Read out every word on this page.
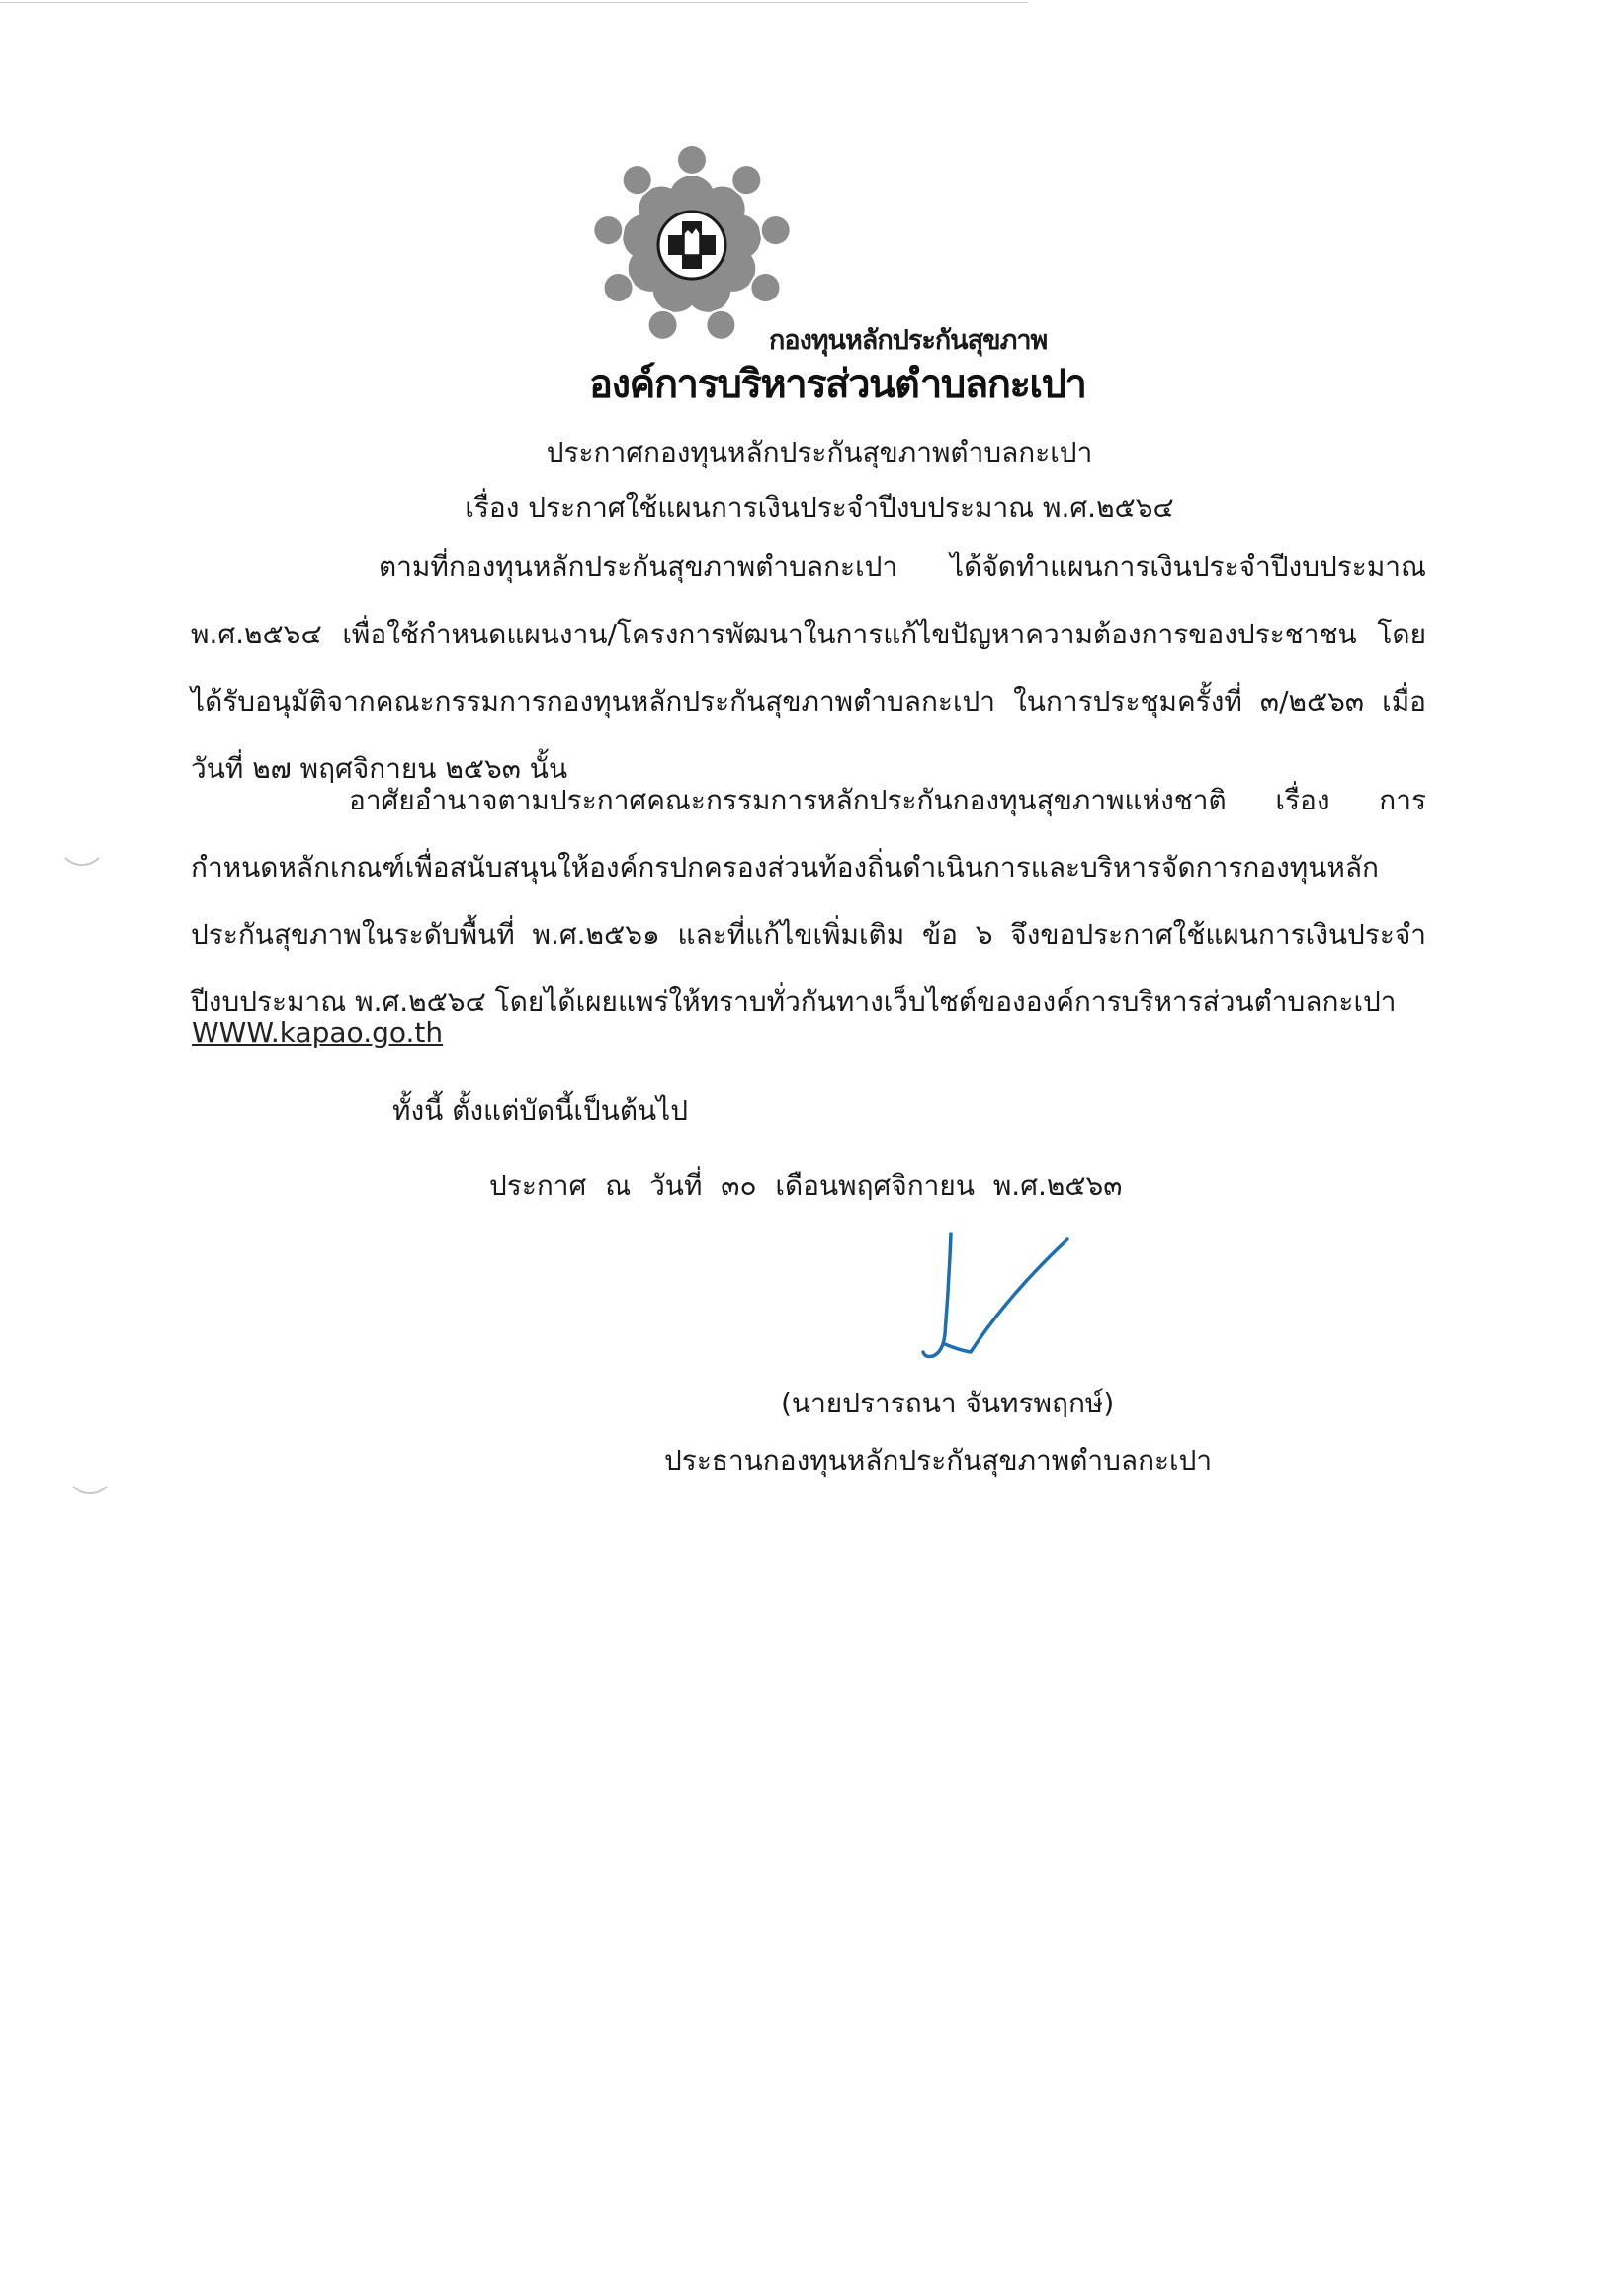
กองทุนหลักประกันสุขภาพ
องค์การบริหารส่วนตำบลกะเปา
ประกาศกองทุนหลักประกันสุขภาพตำบลกะเปา
เรื่อง ประกาศใช้แผนการเงินประจำปีงบประมาณ พ.ศ.๒๕๖๔
ตามที่กองทุนหลักประกันสุขภาพตำบลกะเปา ได้จัดทำแผนการเงินประจำปีงบประมาณ พ.ศ.๒๕๖๔ เพื่อใช้กำหนดแผนงาน/โครงการพัฒนาในการแก้ไขปัญหาความต้องการของประชาชน โดยได้รับอนุมัติจากคณะกรรมการกองทุนหลักประกันสุขภาพตำบลกะเปา ในการประชุมครั้งที่ ๓/๒๕๖๓ เมื่อวันที่ ๒๗ พฤศจิกายน ๒๕๖๓ นั้น
อาศัยอำนาจตามประกาศคณะกรรมการหลักประกันกองทุนสุขภาพแห่งชาติ เรื่อง การกำหนดหลักเกณฑ์เพื่อสนับสนุนให้องค์กรปกครองส่วนท้องถิ่นดำเนินการและบริหารจัดการกองทุนหลักประกันสุขภาพในระดับพื้นที่ พ.ศ.๒๕๖๑ และที่แก้ไขเพิ่มเติม ข้อ ๖ จึงขอประกาศใช้แผนการเงินประจำปีงบประมาณ พ.ศ.๒๕๖๔ โดยได้เผยแพร่ให้ทราบทั่วกันทางเว็บไซต์ขององค์การบริหารส่วนตำบลกะเปา
WWW.kapao.go.th
ทั้งนี้ ตั้งแต่บัดนี้เป็นต้นไป
ประกาศ ณ วันที่ ๓๐ เดือนพฤศจิกายน พ.ศ.๒๕๖๓
(นายปรารถนา จันทรพฤกษ์)
ประธานกองทุนหลักประกันสุขภาพตำบลกะเปา
